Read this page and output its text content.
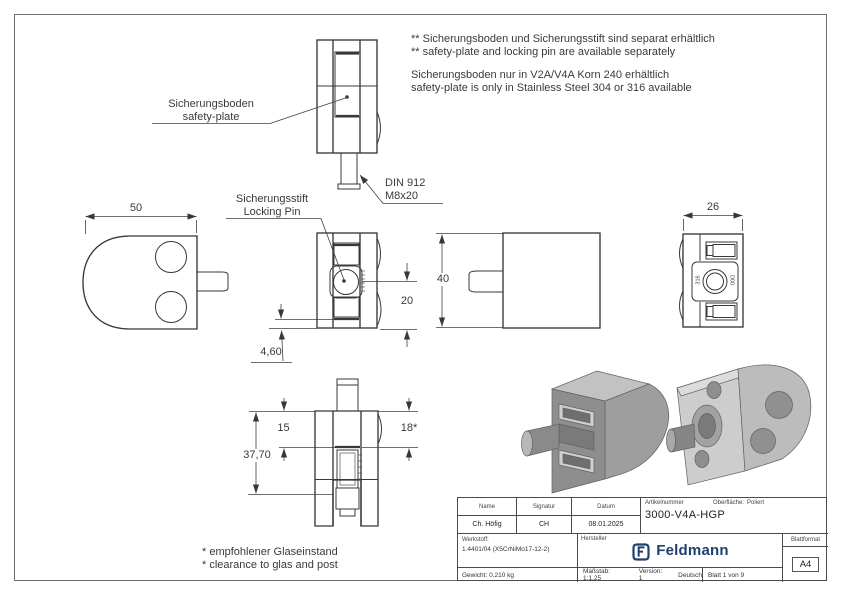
** Sicherungsboden und Sicherungsstift sind separat erhältlich
** safety-plate and locking pin are available separately
Sicherungsboden nur in V2A/V4A Korn 240 erhältlich
safety-plate is only in Stainless Steel 304 or 316 available
Sicherungsboden
safety-plate
Sicherungsstift
Locking Pin
DIN 912
M8x20
50	26
40
20
4,60
15
37,70
18*
316	D00
* empfohlener Glaseinstand
* clearance to glas and post
Name	Signatur	Datum
Artikelnummer
3000-V4A-HGP
Oberfläche: Poliert
Ch. Höfig	CH	08.01.2025
Werkstoff:
1.4401/04 (X5CrNiMo17-12-2)
Hersteller
Feldmann
Blattformat
A4
Gewicht: 0.210 kg	Maßstab: 1:1.25
Version: 1	Deutsch Blatt 1 von 9
